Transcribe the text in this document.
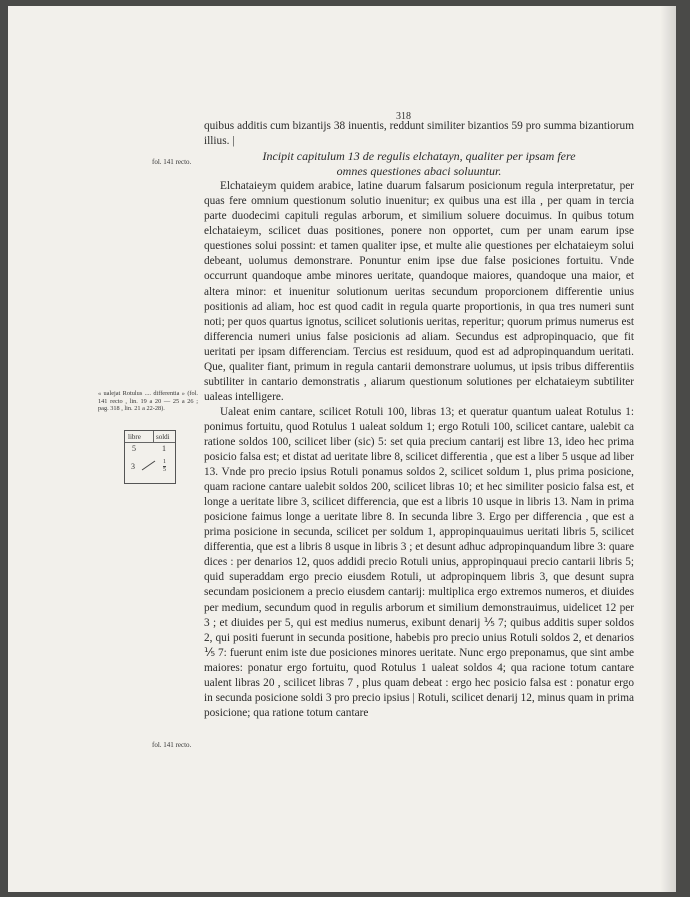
318
fol. 141 recto.
« ualejat Rotulus .... differentia » (fol. 141 recto , lin. 19 a 20 — 25 a 26 ; pag. 318 , lin. 21 a 22-28).
fol. 141 recto.
libre soldi
5	1
3	$\frac{1}{5}$

quibus additis cum bizantijs 38 inuentis, reddunt similiter bizantios 59 pro summa bizantiorum illius. |

Incipit capitulum 13 de regulis elchatayn, qualiter per ipsam fere

omnes questiones abaci soluuntur.

Elchataieym quidem arabice, latine duarum falsarum posicionum regula interpretatur, per quas fere omnium questionum solutio inuenitur; ex quibus una est illa , per quam in tercia parte duodecimi capituli regulas arborum, et similium soluere docuimus. In quibus totum elchataieym, scilicet duas positiones, ponere non opportet, cum per unam earum ipse questiones solui possint: et tamen qualiter ipse, et multe alie questiones per elchataieym solui debeant, uolumus demonstrare. Ponuntur enim ipse due false posiciones fortuitu. Vnde occurrunt quandoque ambe minores ueritate, quandoque maiores, quandoque una maior, et altera minor: et inuenitur solutionum ueritas secundum proporcionem differentie unius positionis ad aliam, hoc est quod cadit in regula quarte proportionis, in qua tres numeri sunt noti; per quos quartus ignotus, scilicet solutionis ueritas, reperitur; quorum primus numerus est differencia numeri unius false posicionis ad aliam. Secundus est adpropinquacio, que fit ueritati per ipsam differenciam. Tercius est residuum, quod est ad adpropinquandum ueritati. Que, qualiter fiant, primum in regula cantarii demonstrare uolumus, ut ipsis tribus differentiis subtiliter in cantario demonstratis , aliarum questionum solutiones per elchataieym subtiliter ualeas intelligere.

Ualeat enim cantare, scilicet Rotuli 100, libras 13; et queratur quantum ualeat Rotulus 1: ponimus fortuitu, quod Rotulus 1 ualeat soldum 1; ergo Rotuli 100, scilicet cantare, ualebit ca ratione soldos 100, scilicet liber (sic) 5: set quia precium cantarij est libre 13, ideo hec prima posicio falsa est; et distat ad ueritate libre 8, scilicet differentia , que est a liber 5 usque ad liber 13. Vnde pro precio ipsius Rotuli ponamus soldos 2, scilicet soldum 1, plus prima posicione, quam racione cantare ualebit soldos 200, scilicet libras 10; et hec similiter posicio falsa est, et longe a ueritate libre 3, scilicet differencia, que est a libris 10 usque in libris 13. Nam in prima posicione faimus longe a ueritate libre 8. In secunda libre 3. Ergo per differencia , que est a prima posicione in secunda, scilicet per soldum 1, appropinquauimus ueritati libris 5, scilicet differentia, que est a libris 8 usque in libris 3 ; et desunt adhuc adpropinquandum libre 3: quare dices : per denarios 12, quos addidi precio Rotuli unius, appropinquaui precio cantarii libris 5; quid superaddam ergo precio eiusdem Rotuli, ut adpropinquem libris 3, que desunt supra secundam posicionem a precio eiusdem cantarij: multiplica ergo extremos numeros, et diuides per medium, secundum quod in regulis arborum et similium demonstrauimus, uidelicet 12 per 3 ; et diuides per 5, qui est medius numerus, exibunt denarij ⅕ 7; quibus additis super soldos 2, qui positi fuerunt in secunda positione, habebis pro precio unius Rotuli soldos 2, et denarios ⅕ 7: fuerunt enim iste due posiciones minores ueritate. Nunc ergo preponamus, que sint ambe maiores: ponatur ergo fortuitu, quod Rotulus 1 ualeat soldos 4; qua racione totum cantare ualent libras 20 , scilicet libras 7 , plus quam debeat : ergo hec posicio falsa est : ponatur ergo in secunda posicione soldi 3 pro precio ipsius | Rotuli, scilicet denarij 12, minus quam in prima posicione; qua ratione totum cantare
